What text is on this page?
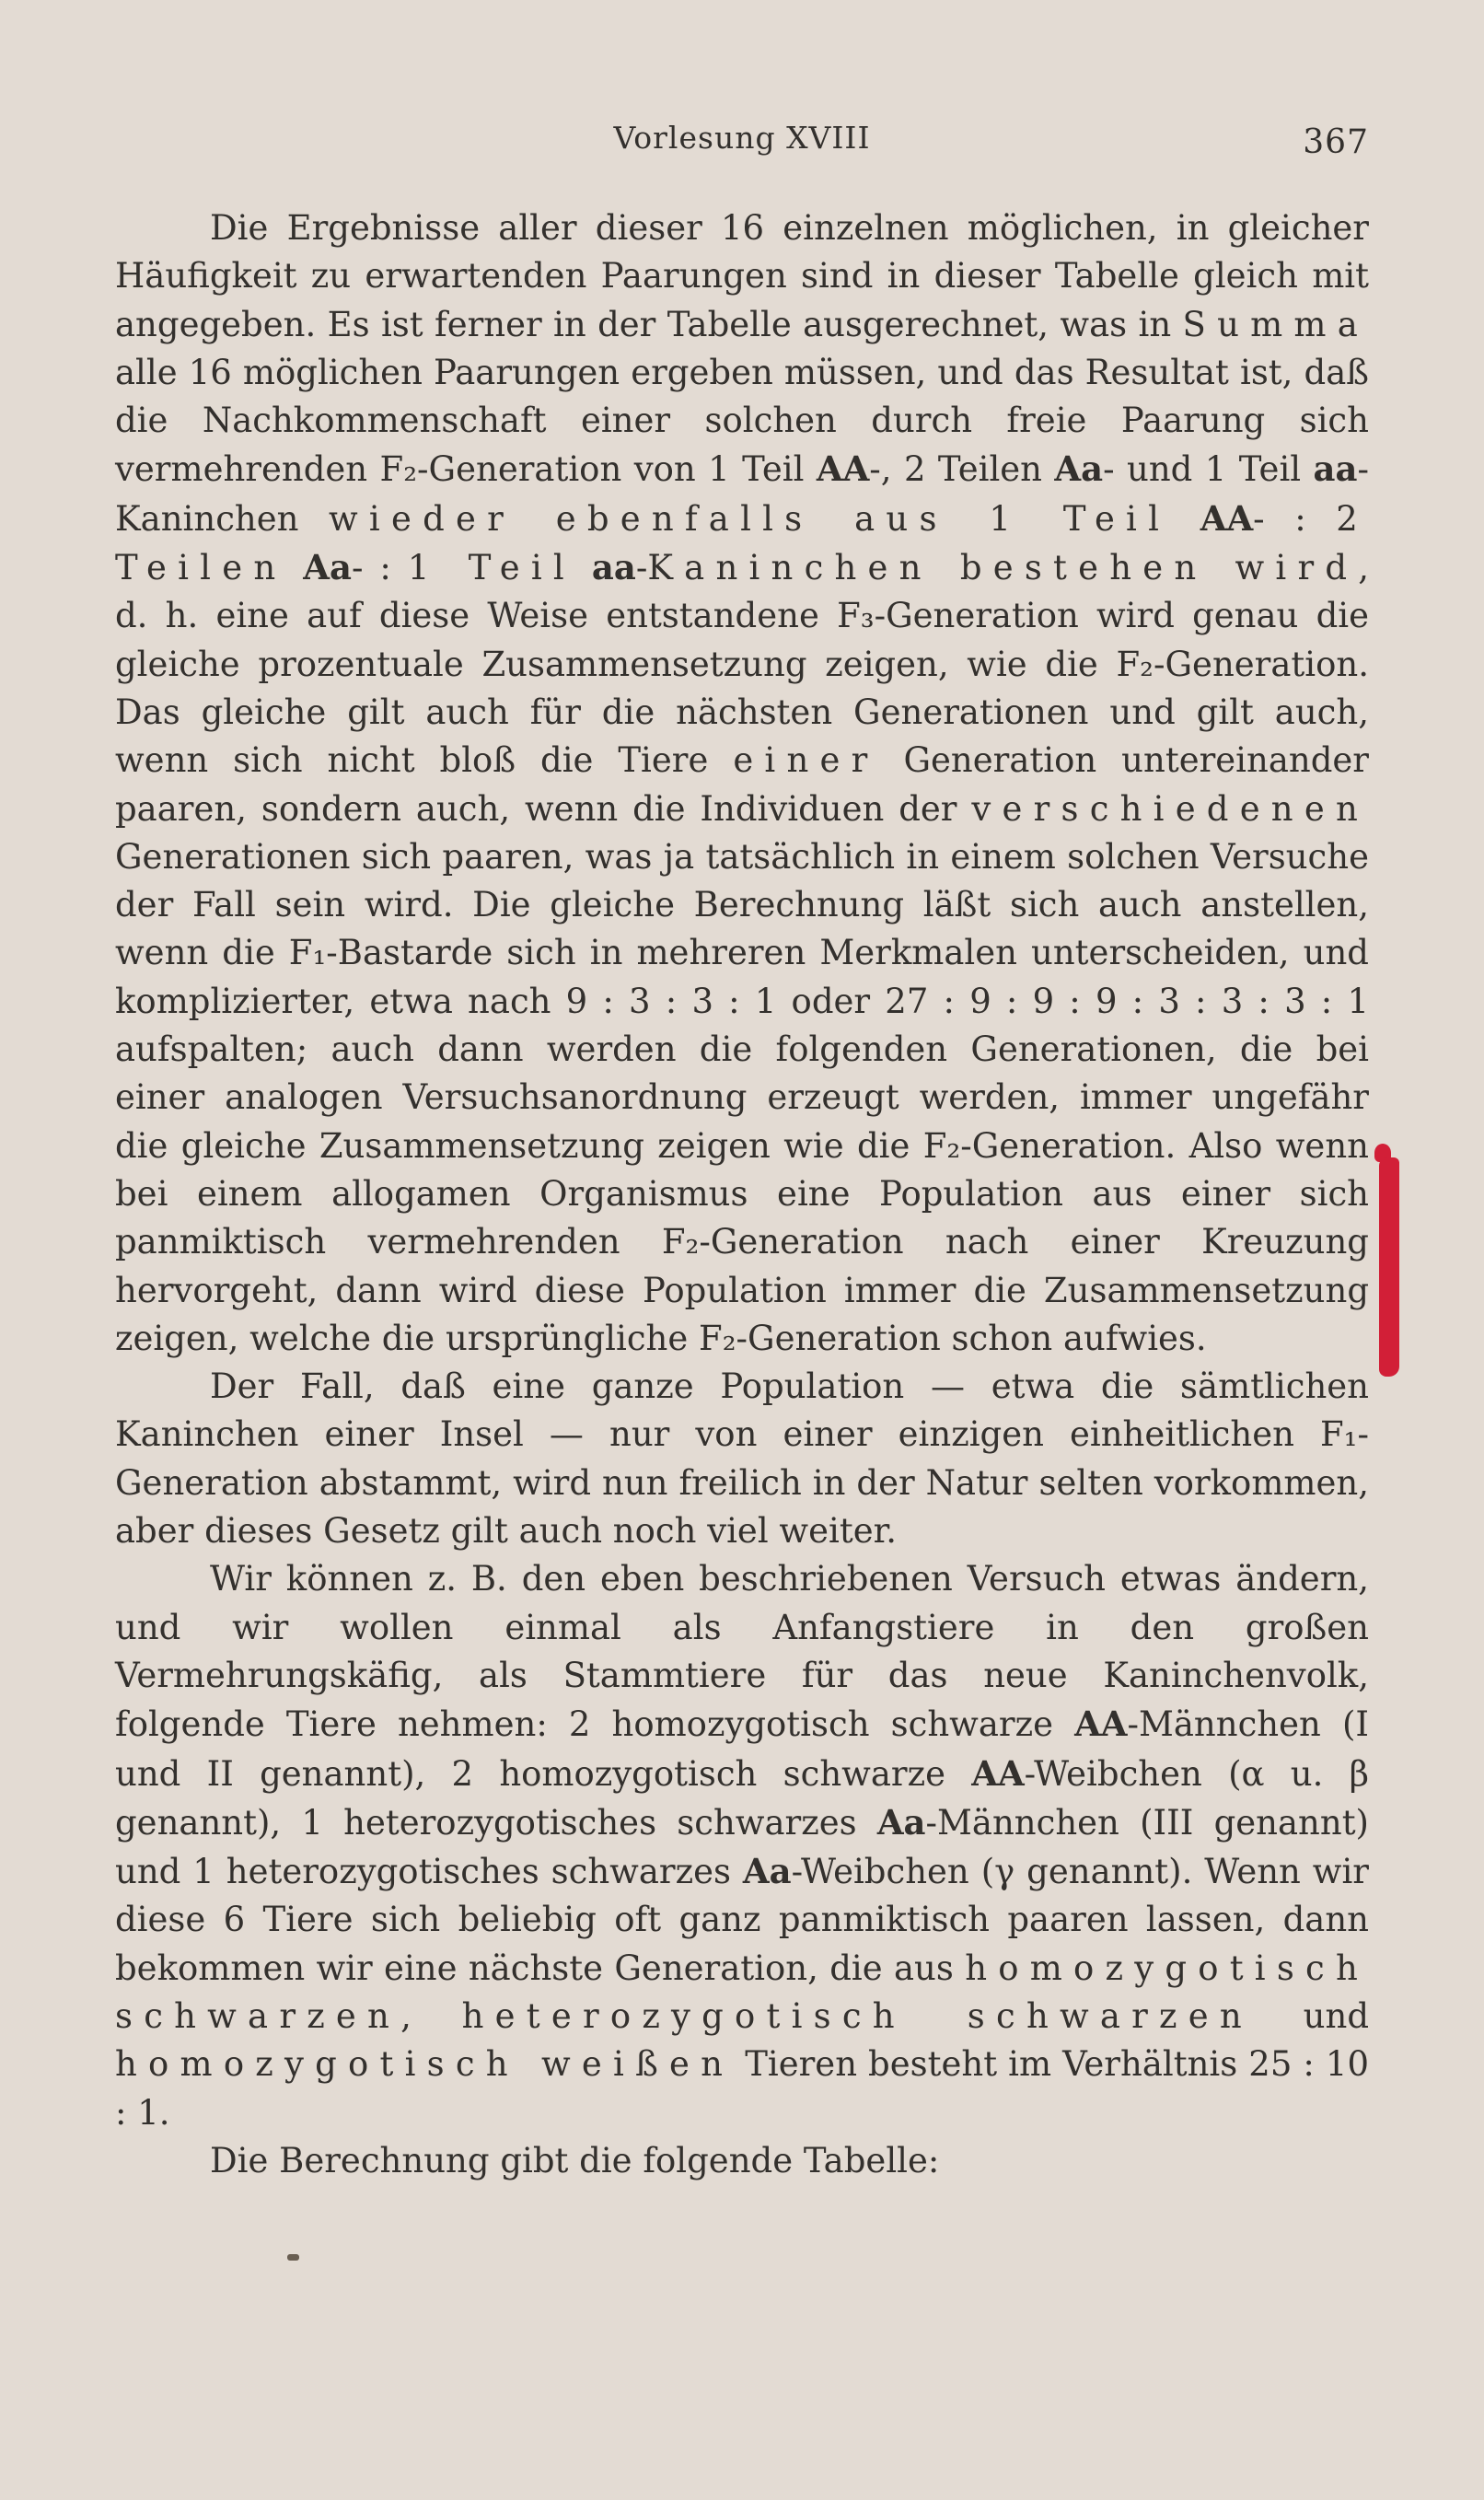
Vorlesung XVIII	367

Die Ergebnisse aller dieser 16 einzelnen möglichen, in gleicher Häufigkeit zu erwartenden Paarungen sind in dieser Tabelle gleich mit angegeben. Es ist ferner in der Tabelle ausgerechnet, was in Summa alle 16 möglichen Paarungen ergeben müssen, und das Resultat ist, daß die Nachkommenschaft einer solchen durch freie Paarung sich vermehrenden F₂-Generation von 1 Teil AA-, 2 Teilen Aa- und 1 Teil aa-Kaninchen wieder ebenfalls aus 1 Teil AA- : 2 Teilen Aa- : 1 Teil aa-Kaninchen bestehen wird, d. h. eine auf diese Weise entstandene F₃-Generation wird genau die gleiche prozentuale Zusammensetzung zeigen, wie die F₂-Generation. Das gleiche gilt auch für die nächsten Generationen und gilt auch, wenn sich nicht bloß die Tiere einer Generation untereinander paaren, sondern auch, wenn die Individuen der verschiedenen Generationen sich paaren, was ja tatsächlich in einem solchen Versuche der Fall sein wird. Die gleiche Berechnung läßt sich auch anstellen, wenn die F₁-Bastarde sich in mehreren Merkmalen unterscheiden, und komplizierter, etwa nach 9 : 3 : 3 : 1 oder 27 : 9 : 9 : 9 : 3 : 3 : 3 : 1 aufspalten; auch dann werden die folgenden Generationen, die bei einer analogen Versuchsanordnung erzeugt werden, immer ungefähr die gleiche Zusammensetzung zeigen wie die F₂-Generation. Also wenn bei einem allogamen Organismus eine Population aus einer sich panmiktisch vermehrenden F₂-Generation nach einer Kreuzung hervorgeht, dann wird diese Population immer die Zusammensetzung zeigen, welche die ursprüngliche F₂-Generation schon aufwies.

Der Fall, daß eine ganze Population — etwa die sämtlichen Kaninchen einer Insel — nur von einer einzigen einheitlichen F₁-Generation abstammt, wird nun freilich in der Natur selten vorkommen, aber dieses Gesetz gilt auch noch viel weiter.

Wir können z. B. den eben beschriebenen Versuch etwas ändern, und wir wollen einmal als Anfangstiere in den großen Vermehrungskäfig, als Stammtiere für das neue Kaninchenvolk, folgende Tiere nehmen: 2 homozygotisch schwarze AA-Männchen (I und II genannt), 2 homozygotisch schwarze AA-Weibchen (α u. β genannt), 1 heterozygotisches schwarzes Aa-Männchen (III genannt) und 1 heterozygotisches schwarzes Aa-Weibchen (γ genannt). Wenn wir diese 6 Tiere sich beliebig oft ganz panmiktisch paaren lassen, dann bekommen wir eine nächste Generation, die aus homozygotisch schwarzen, heterozygotisch schwarzen und homozygotisch weißen Tieren besteht im Verhältnis 25 : 10 : 1.

Die Berechnung gibt die folgende Tabelle:
